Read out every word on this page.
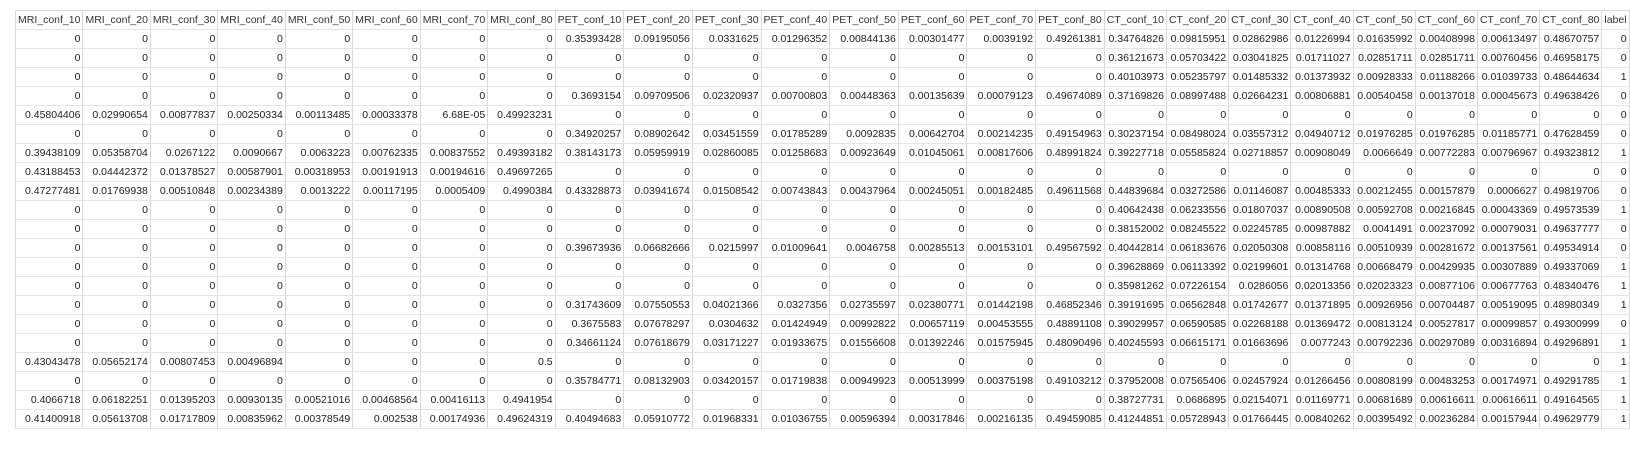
MRI_conf_10	MRI_conf_20	MRI_conf_30	MRI_conf_40	MRI_conf_50	MRI_conf_60	MRI_conf_70	MRI_conf_80	PET_conf_10	PET_conf_20	PET_conf_30	PET_conf_40	PET_conf_50	PET_conf_60	PET_conf_70	PET_conf_80	CT_conf_10	CT_conf_20	CT_conf_30	CT_conf_40	CT_conf_50	CT_conf_60	CT_conf_70	CT_conf_80	label
0	0	0	0	0	0	0	0	0.35393428	0.09195056	0.0331625	0.01296352	0.00844136	0.00301477	0.0039192	0.49261381	0.34764826	0.09815951	0.02862986	0.01226994	0.01635992	0.00408998	0.00613497	0.48670757	0
0	0	0	0	0	0	0	0	0	0	0	0	0	0	0	0	0.36121673	0.05703422	0.03041825	0.01711027	0.02851711	0.02851711	0.00760456	0.46958175	0
0	0	0	0	0	0	0	0	0	0	0	0	0	0	0	0	0.40103973	0.05235797	0.01485332	0.01373932	0.00928333	0.01188266	0.01039733	0.48644634	1
0	0	0	0	0	0	0	0	0.3693154	0.09709506	0.02320937	0.00700803	0.00448363	0.00135639	0.00079123	0.49674089	0.37169826	0.08997488	0.02664231	0.00806881	0.00540458	0.00137018	0.00045673	0.49638426	0
0.45804406	0.02990654	0.00877837	0.00250334	0.00113485	0.00033378	6.68E-05	0.49923231	0	0	0	0	0	0	0	0	0	0	0	0	0	0	0	0	0
0	0	0	0	0	0	0	0	0.34920257	0.08902642	0.03451559	0.01785289	0.0092835	0.00642704	0.00214235	0.49154963	0.30237154	0.08498024	0.03557312	0.04940712	0.01976285	0.01976285	0.01185771	0.47628459	0
0.39438109	0.05358704	0.0267122	0.0090667	0.0063223	0.00762335	0.00837552	0.49393182	0.38143173	0.05959919	0.02860085	0.01258683	0.00923649	0.01045061	0.00817606	0.48991824	0.39227718	0.05585824	0.02718857	0.00908049	0.0066649	0.00772283	0.00796967	0.49323812	1
0.43188453	0.04442372	0.01378527	0.00587901	0.00318953	0.00191913	0.00194616	0.49697265	0	0	0	0	0	0	0	0	0	0	0	0	0	0	0	0	0
0.47277481	0.01769938	0.00510848	0.00234389	0.0013222	0.00117195	0.0005409	0.4990384	0.43328873	0.03941674	0.01508542	0.00743843	0.00437964	0.00245051	0.00182485	0.49611568	0.44839684	0.03272586	0.01146087	0.00485333	0.00212455	0.00157879	0.0006627	0.49819706	0
0	0	0	0	0	0	0	0	0	0	0	0	0	0	0	0	0.40642438	0.06233556	0.01807037	0.00890508	0.00592708	0.00216845	0.00043369	0.49573539	1
0	0	0	0	0	0	0	0	0	0	0	0	0	0	0	0	0.38152002	0.08245522	0.02245785	0.00987882	0.0041491	0.00237092	0.00079031	0.49637777	0
0	0	0	0	0	0	0	0	0.39673936	0.06682666	0.0215997	0.01009641	0.0046758	0.00285513	0.00153101	0.49567592	0.40442814	0.06183676	0.02050308	0.00858116	0.00510939	0.00281672	0.00137561	0.49534914	0
0	0	0	0	0	0	0	0	0	0	0	0	0	0	0	0	0.39628869	0.06113392	0.02199601	0.01314768	0.00668479	0.00429935	0.00307889	0.49337069	1
0	0	0	0	0	0	0	0	0	0	0	0	0	0	0	0	0.35981262	0.07226154	0.0286056	0.02013356	0.02023323	0.00877106	0.00677763	0.48340476	1
0	0	0	0	0	0	0	0	0.31743609	0.07550553	0.04021366	0.0327356	0.02735597	0.02380771	0.01442198	0.46852346	0.39191695	0.06562848	0.01742677	0.01371895	0.00926956	0.00704487	0.00519095	0.48980349	1
0	0	0	0	0	0	0	0	0.3675583	0.07678297	0.0304632	0.01424949	0.00992822	0.00657119	0.00453555	0.48891108	0.39029957	0.06590585	0.02268188	0.01369472	0.00813124	0.00527817	0.00099857	0.49300999	0
0	0	0	0	0	0	0	0	0.34661124	0.07618679	0.03171227	0.01933675	0.01556608	0.01392246	0.01575945	0.48090496	0.40245593	0.06615171	0.01663696	0.0077243	0.00792236	0.00297089	0.00316894	0.49296891	1
0.43043478	0.05652174	0.00807453	0.00496894	0	0	0	0.5	0	0	0	0	0	0	0	0	0	0	0	0	0	0	0	0	1
0	0	0	0	0	0	0	0	0.35784771	0.08132903	0.03420157	0.01719838	0.00949923	0.00513999	0.00375198	0.49103212	0.37952008	0.07565406	0.02457924	0.01266456	0.00808199	0.00483253	0.00174971	0.49291785	1
0.4066718	0.06182251	0.01395203	0.00930135	0.00521016	0.00468564	0.00416113	0.4941954	0	0	0	0	0	0	0	0	0.38727731	0.0686895	0.02154071	0.01169771	0.00681689	0.00616611	0.00616611	0.49164565	1
0.41400918	0.05613708	0.01717809	0.00835962	0.00378549	0.002538	0.00174936	0.49624319	0.40494683	0.05910772	0.01968331	0.01036755	0.00596394	0.00317846	0.00216135	0.49459085	0.41244851	0.05728943	0.01766445	0.00840262	0.00395492	0.00236284	0.00157944	0.49629779	1
